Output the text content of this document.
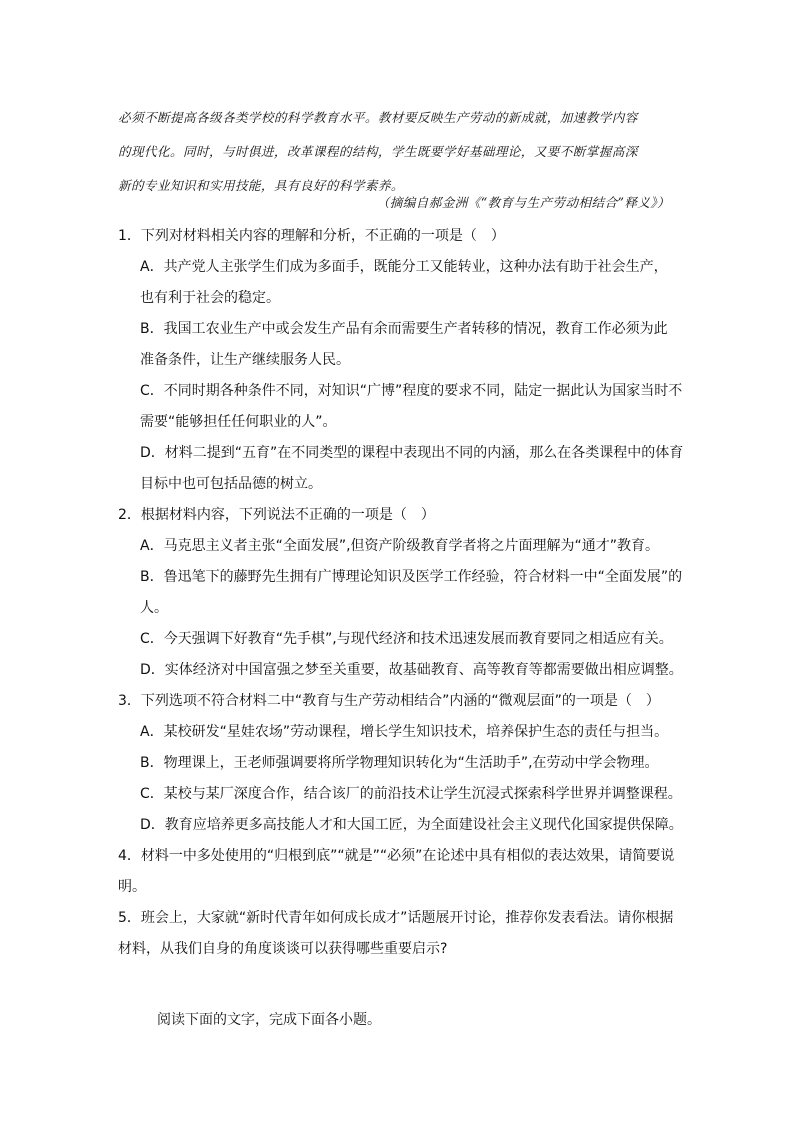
必须不断提高各级各类学校的科学教育水平。教材要反映生产劳动的新成就，加速教学内容

的现代化。同时，与时俱进，改革课程的结构，学生既要学好基础理论，又要不断掌握高深

新的专业知识和实用技能，具有良好的科学素养。

（摘编自郝金洲《“教育与生产劳动相结合”释义》）

1．下列对材料相关内容的理解和分析，不正确的一项是（　）

A．共产党人主张学生们成为多面手，既能分工又能转业，这种办法有助于社会生产，
也有利于社会的稳定。

B．我国工农业生产中或会发生产品有余而需要生产者转移的情况，教育工作必须为此
准备条件，让生产继续服务人民。

C．不同时期各种条件不同，对知识“广博”程度的要求不同，陆定一据此认为国家当时不
需要“能够担任任何职业的人”。

D．材料二提到“五育”在不同类型的课程中表现出不同的内涵，那么在各类课程中的体育
目标中也可包括品德的树立。

2．根据材料内容，下列说法不正确的一项是（　）

A．马克思主义者主张“全面发展”,但资产阶级教育学者将之片面理解为“通才”教育。

B．鲁迅笔下的藤野先生拥有广博理论知识及医学工作经验，符合材料一中“全面发展”的
人。

C．今天强调下好教育“先手棋”,与现代经济和技术迅速发展而教育要同之相适应有关。

D．实体经济对中国富强之梦至关重要，故基础教育、高等教育等都需要做出相应调整。

3．下列选项不符合材料二中“教育与生产劳动相结合”内涵的“微观层面”的一项是（　）

A．某校研发“星娃农场”劳动课程，增长学生知识技术，培养保护生态的责任与担当。

B．物理课上，王老师强调要将所学物理知识转化为“生活助手”,在劳动中学会物理。

C．某校与某厂深度合作，结合该厂的前沿技术让学生沉浸式探索科学世界并调整课程。

D．教育应培养更多高技能人才和大国工匠，为全面建设社会主义现代化国家提供保障。

4．材料一中多处使用的“归根到底”“就是”“必须”在论述中具有相似的表达效果，请简要说
明。

5．班会上，大家就“新时代青年如何成长成才”话题展开讨论，推荐你发表看法。请你根据
材料，从我们自身的角度谈谈可以获得哪些重要启示?

阅读下面的文字，完成下面各小题。
